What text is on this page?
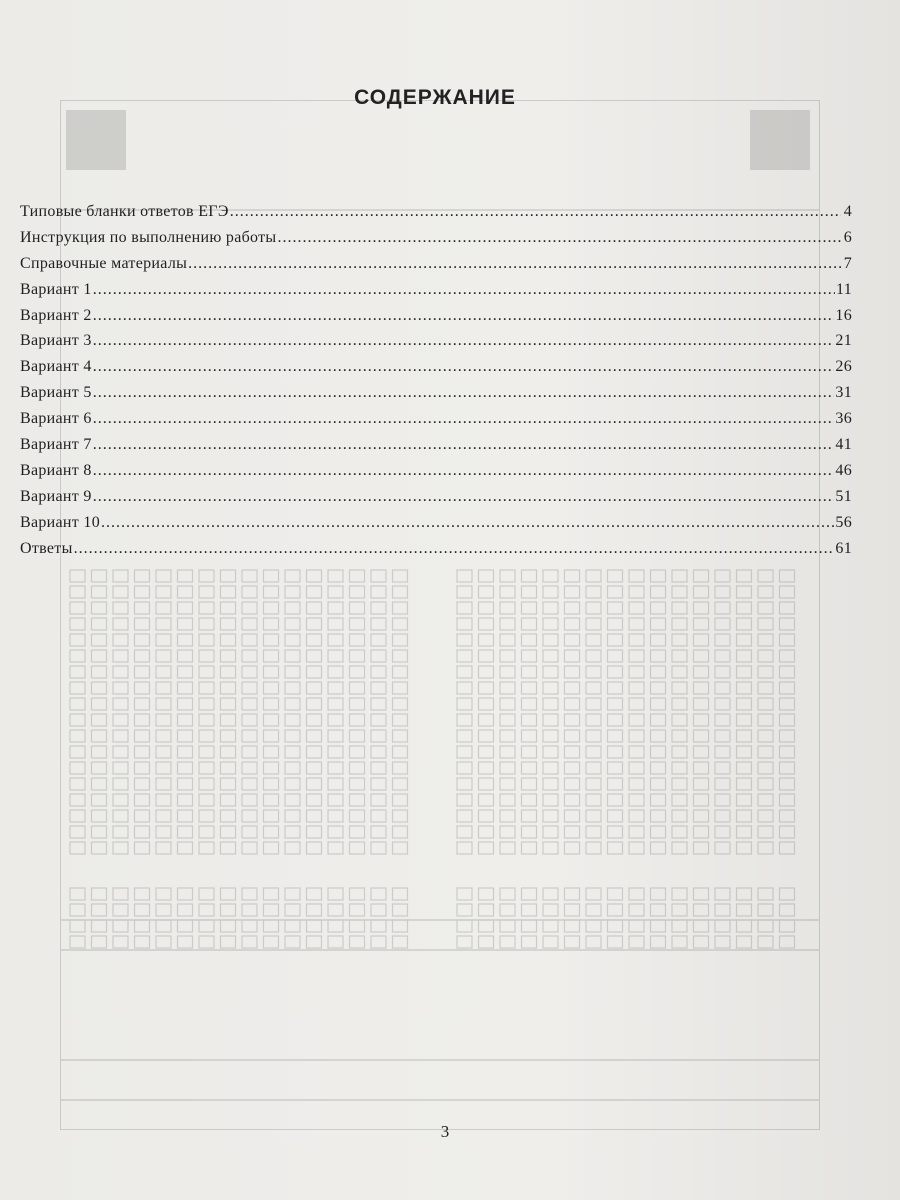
СОДЕРЖАНИЕ
Типовые бланки ответов ЕГЭ .....	4
Инструкция по выполнению работы .....	6
Справочные материалы .....	7
Вариант 1 .....	11
Вариант 2 .....	16
Вариант 3 .....	21
Вариант 4 .....	26
Вариант 5 .....	31
Вариант 6 .....	36
Вариант 7 .....	41
Вариант 8 .....	46
Вариант 9 .....	51
Вариант 10 .....	56
Ответы .....	61
3
